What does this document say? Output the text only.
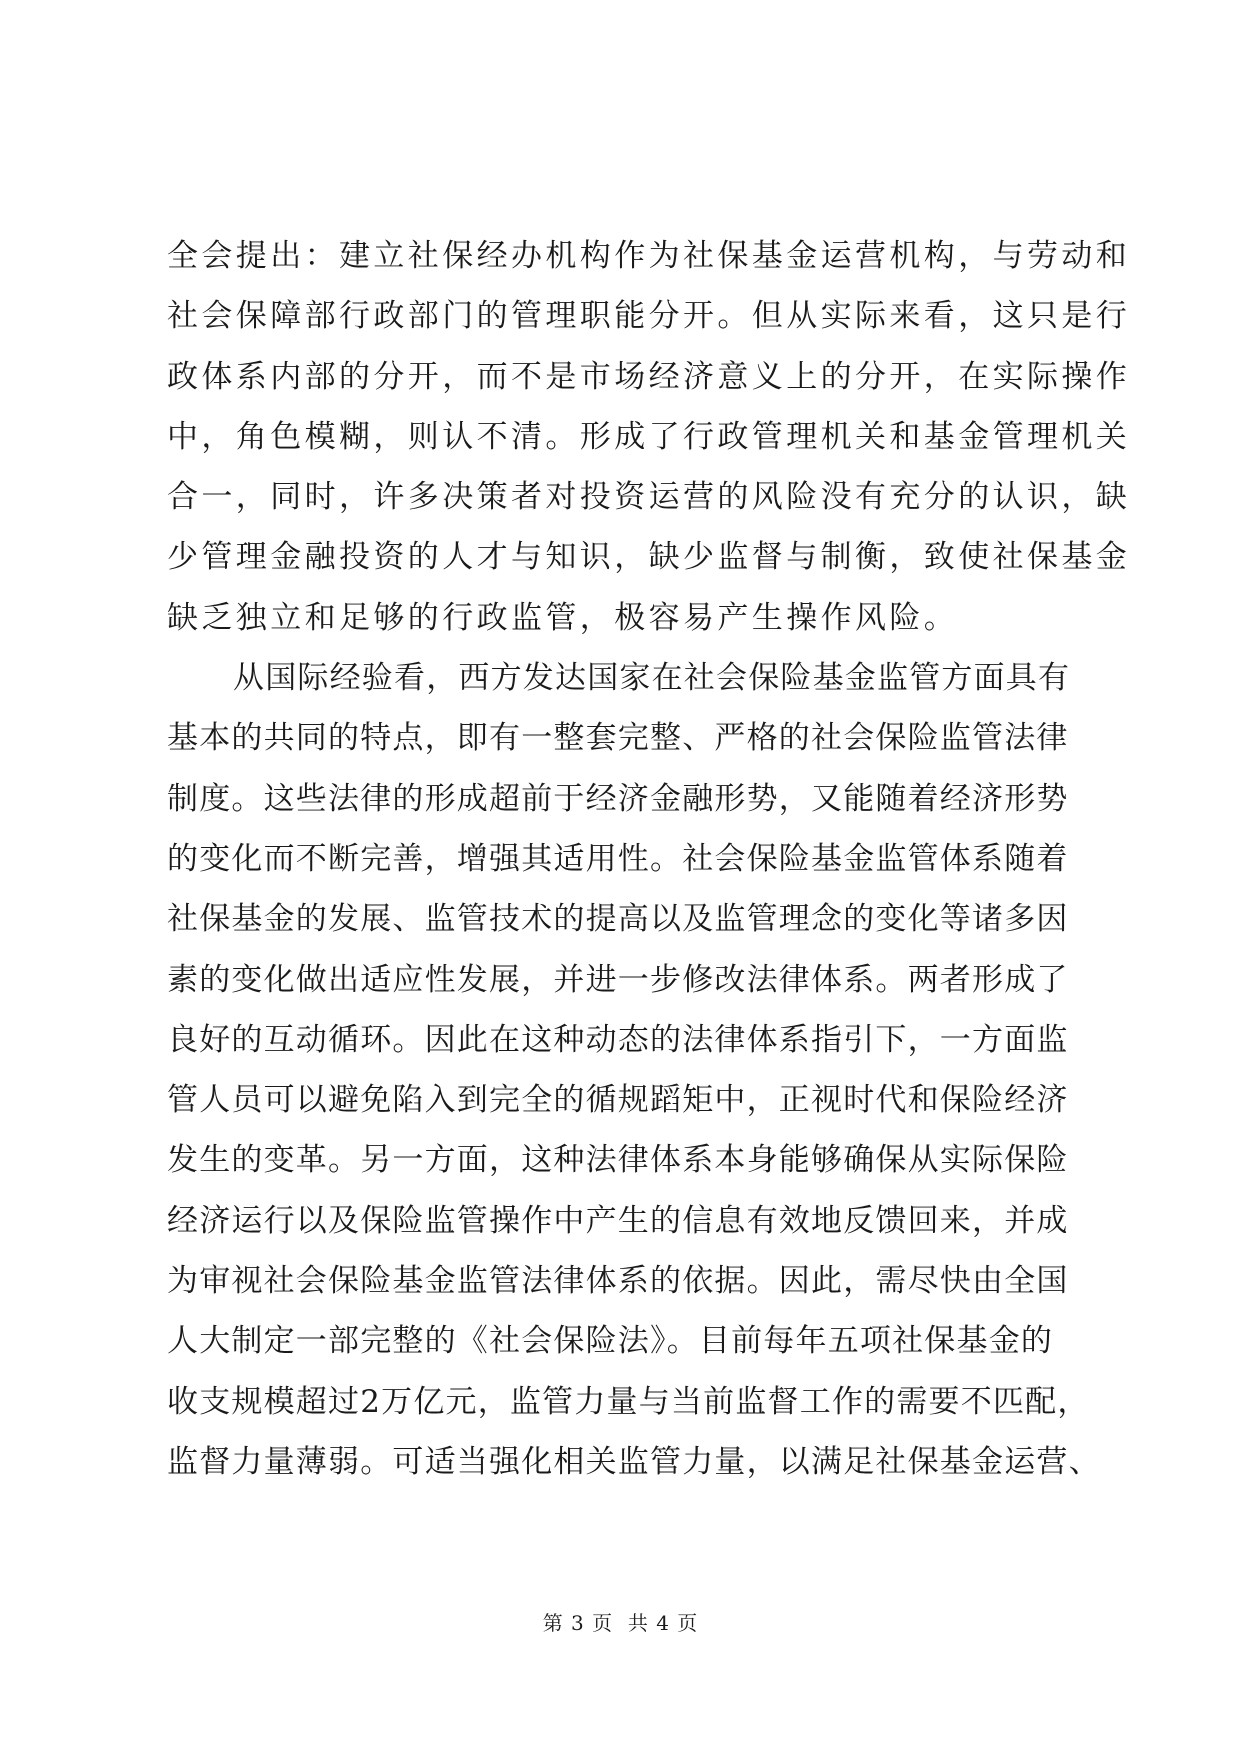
全会提出：建立社保经办机构作为社保基金运营机构，与劳动和
社会保障部行政部门的管理职能分开。但从实际来看，这只是行
政体系内部的分开，而不是市场经济意义上的分开，在实际操作
中，角色模糊，则认不清。形成了行政管理机关和基金管理机关
合一，同时，许多决策者对投资运营的风险没有充分的认识，缺
少管理金融投资的人才与知识，缺少监督与制衡，致使社保基金
缺乏独立和足够的行政监管，极容易产生操作风险。
从国际经验看，西方发达国家在社会保险基金监管方面具有
基本的共同的特点，即有一整套完整、严格的社会保险监管法律
制度。这些法律的形成超前于经济金融形势，又能随着经济形势
的变化而不断完善，增强其适用性。社会保险基金监管体系随着
社保基金的发展、监管技术的提高以及监管理念的变化等诸多因
素的变化做出适应性发展，并进一步修改法律体系。两者形成了
良好的互动循环。因此在这种动态的法律体系指引下，一方面监
管人员可以避免陷入到完全的循规蹈矩中，正视时代和保险经济
发生的变革。另一方面，这种法律体系本身能够确保从实际保险
经济运行以及保险监管操作中产生的信息有效地反馈回来，并成
为审视社会保险基金监管法律体系的依据。因此，需尽快由全国
人大制定一部完整的《社会保险法》。目前每年五项社保基金的
收支规模超过2万亿元，监管力量与当前监督工作的需要不匹配，
监督力量薄弱。可适当强化相关监管力量，以满足社保基金运营、
第 3 页  共 4 页
